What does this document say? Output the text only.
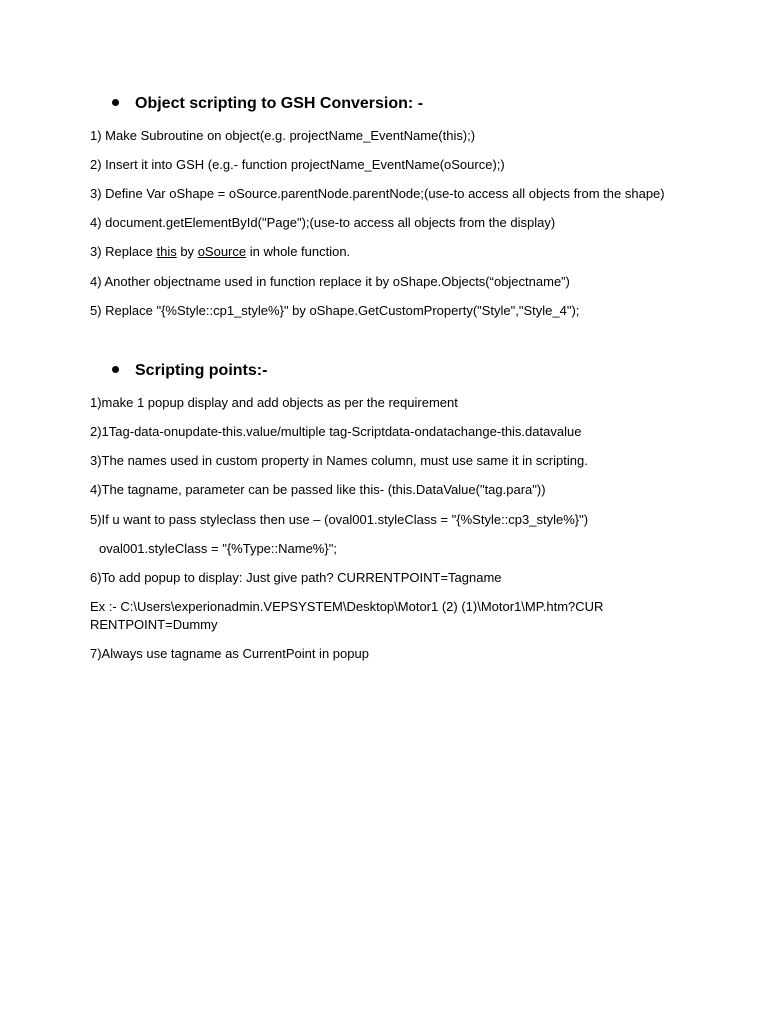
Object scripting to GSH Conversion: -
1) Make Subroutine on object(e.g. projectName_EventName(this);)
2) Insert it into GSH (e.g.- function projectName_EventName(oSource);)
3) Define Var oShape = oSource.parentNode.parentNode;(use-to access all objects from the shape)
4) document.getElementById("Page");(use-to access all objects from the display)
3) Replace this by oSource in whole function.
4) Another objectname used in function replace it by oShape.Objects(“objectname”)
5) Replace "{%Style::cp1_style%}" by oShape.GetCustomProperty("Style","Style_4");
Scripting points:-
1)make 1 popup display and add objects as per the requirement
2)1Tag-data-onupdate-this.value/multiple tag-Scriptdata-ondatachange-this.datavalue
3)The names used in custom property in Names column, must use same it in scripting.
4)The tagname, parameter can be passed like this- (this.DataValue("tag.para"))
5)If u want to pass styleclass then use – (oval001.styleClass = "{%Style::cp3_style%}")
oval001.styleClass = "{%Type::Name%}";
6)To add popup to display: Just give path? CURRENTPOINT=Tagname
Ex :- C:\Users\experionadmin.VEPSYSTEM\Desktop\Motor1 (2) (1)\Motor1\MP.htm?CURRENTPOINT=Dummy
7)Always use tagname as CurrentPoint in popup
